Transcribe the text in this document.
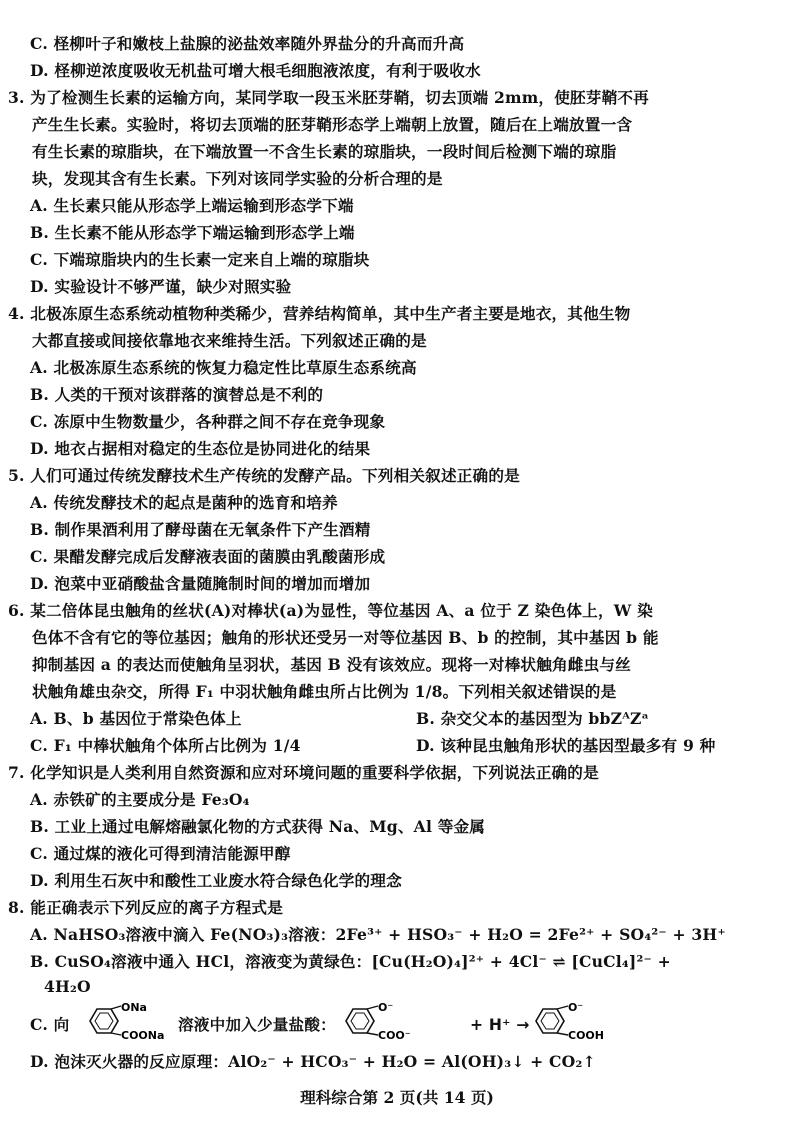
C. 柽柳叶子和嫩枝上盐腺的泌盐效率随外界盐分的升高而升高
D. 柽柳逆浓度吸收无机盐可增大根毛细胞液浓度，有利于吸收水
3. 为了检测生长素的运输方向，某同学取一段玉米胚芽鞘，切去顶端 2mm，使胚芽鞘不再
产生生长素。实验时，将切去顶端的胚芽鞘形态学上端朝上放置，随后在上端放置一含
有生长素的琼脂块，在下端放置一不含生长素的琼脂块，一段时间后检测下端的琼脂
块，发现其含有生长素。下列对该同学实验的分析合理的是
A. 生长素只能从形态学上端运输到形态学下端
B. 生长素不能从形态学下端运输到形态学上端
C. 下端琼脂块内的生长素一定来自上端的琼脂块
D. 实验设计不够严谨，缺少对照实验
4. 北极冻原生态系统动植物种类稀少，营养结构简单，其中生产者主要是地衣，其他生物
大都直接或间接依靠地衣来维持生活。下列叙述正确的是
A. 北极冻原生态系统的恢复力稳定性比草原生态系统高
B. 人类的干预对该群落的演替总是不利的
C. 冻原中生物数量少，各种群之间不存在竞争现象
D. 地衣占据相对稳定的生态位是协同进化的结果
5. 人们可通过传统发酵技术生产传统的发酵产品。下列相关叙述正确的是
A. 传统发酵技术的起点是菌种的选育和培养
B. 制作果酒利用了酵母菌在无氧条件下产生酒精
C. 果醋发酵完成后发酵液表面的菌膜由乳酸菌形成
D. 泡菜中亚硝酸盐含量随腌制时间的增加而增加
6. 某二倍体昆虫触角的丝状(A)对棒状(a)为显性，等位基因 A、a 位于 Z 染色体上，W 染
色体不含有它的等位基因；触角的形状还受另一对等位基因 B、b 的控制，其中基因 b 能
抑制基因 a 的表达而使触角呈羽状，基因 B 没有该效应。现将一对棒状触角雌虫与丝
状触角雄虫杂交，所得 F₁ 中羽状触角雌虫所占比例为 1/8。下列相关叙述错误的是
A. B、b 基因位于常染色体上	B. 杂交父本的基因型为 bbZᴬZᵃ
C. F₁ 中棒状触角个体所占比例为 1/4	D. 该种昆虫触角形状的基因型最多有 9 种
7. 化学知识是人类利用自然资源和应对环境问题的重要科学依据，下列说法正确的是
A. 赤铁矿的主要成分是 Fe₃O₄
B. 工业上通过电解熔融氯化物的方式获得 Na、Mg、Al 等金属
C. 通过煤的液化可得到清洁能源甲醇
D. 利用生石灰中和酸性工业废水符合绿色化学的理念
8. 能正确表示下列反应的离子方程式是
A. NaHSO₃溶液中滴入 Fe(NO₃)₃溶液：2Fe³⁺ + HSO₃⁻ + H₂O = 2Fe²⁺ + SO₄²⁻ + 3H⁺
B. CuSO₄溶液中通入 HCl，溶液变为黄绿色：[Cu(H₂O)₄]²⁺ + 4Cl⁻ ⇌ [CuCl₄]²⁻ +
4H₂O
C. 向
ONa
COONa
溶液中加入少量盐酸：
O⁻
COO⁻
+ H⁺ →
O⁻
COOH
D. 泡沫灭火器的反应原理：AlO₂⁻ + HCO₃⁻ + H₂O = Al(OH)₃↓ + CO₂↑
理科综合第 2 页(共 14 页)
